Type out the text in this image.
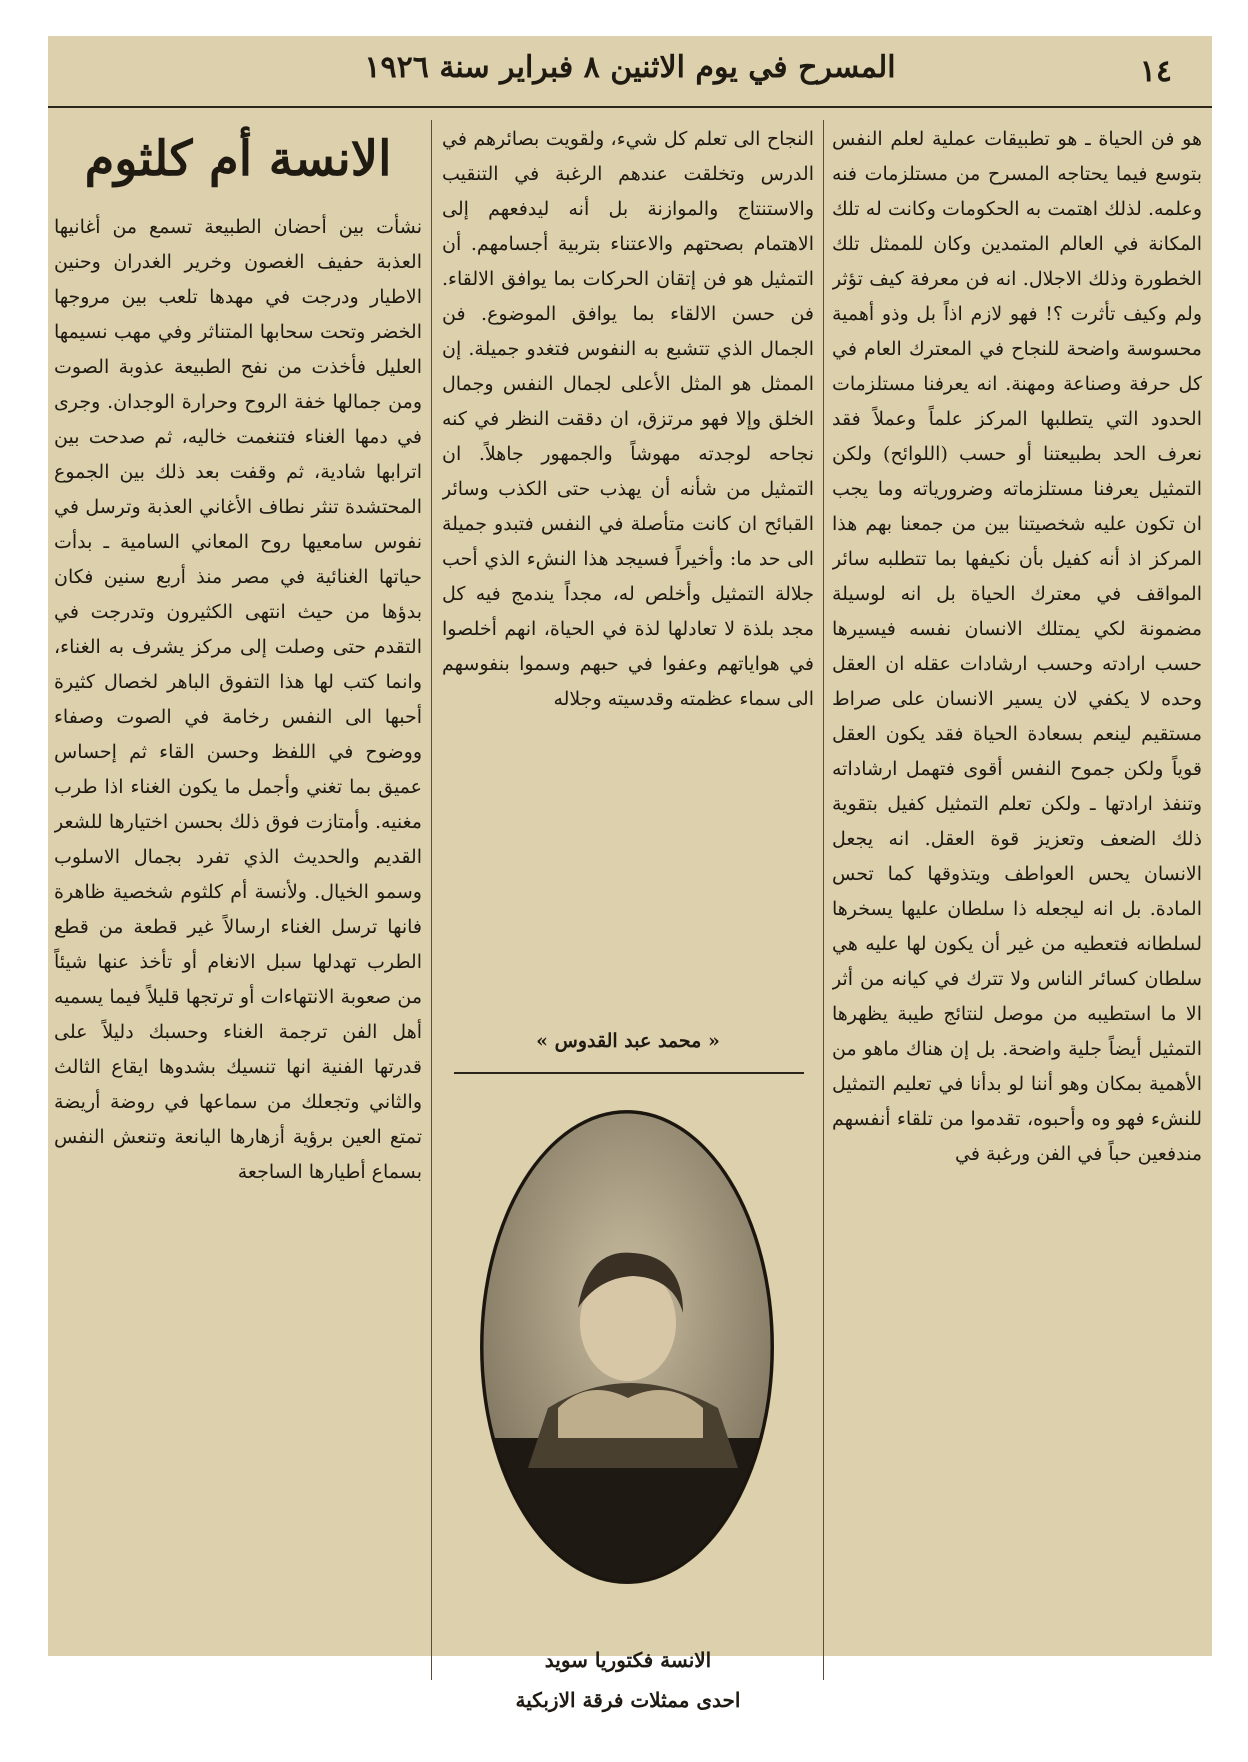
١٤
المسرح في يوم الاثنين ٨ فبراير سنة ١٩٢٦

هو فن الحياة ـ هو تطبيقات عملية لعلم النفس بتوسع فيما يحتاجه المسرح من مستلزمات فنه وعلمه. لذلك اهتمت به الحكومات وكانت له تلك المكانة في العالم المتمدين وكان للممثل تلك الخطورة وذلك الاجلال. انه فن معرفة كيف تؤثر ولم وكيف تأثرت ؟! فهو لازم اذاً بل وذو أهمية محسوسة واضحة للنجاح في المعترك العام في كل حرفة وصناعة ومهنة. انه يعرفنا مستلزمات الحدود التي يتطلبها المركز علماً وعملاً فقد نعرف الحد بطبيعتنا أو حسب (اللوائح) ولكن التمثيل يعرفنا مستلزماته وضرورياته وما يجب ان تكون عليه شخصيتنا بين من جمعنا بهم هذا المركز اذ أنه كفيل بأن نكيفها بما تتطلبه سائر المواقف في معترك الحياة بل انه لوسيلة مضمونة لكي يمتلك الانسان نفسه فيسيرها حسب ارادته وحسب ارشادات عقله ان العقل وحده لا يكفي لان يسير الانسان على صراط مستقيم لينعم بسعادة الحياة فقد يكون العقل قوياً ولكن جموح النفس أقوى فتهمل ارشاداته وتنفذ ارادتها ـ ولكن تعلم التمثيل كفيل بتقوية ذلك الضعف وتعزيز قوة العقل. انه يجعل الانسان يحس العواطف ويتذوقها كما تحس المادة. بل انه ليجعله ذا سلطان عليها يسخرها لسلطانه فتعطيه من غير أن يكون لها عليه هي سلطان كسائر الناس ولا تترك في كيانه من أثر الا ما استطيبه من موصل لنتائج طيبة يظهرها التمثيل أيضاً جلية واضحة. بل إن هناك ماهو من الأهمية بمكان وهو أننا لو بدأنا في تعليم التمثيل للنشء فهو وه وأحبوه، تقدموا من تلقاء أنفسهم مندفعين حباً في الفن ورغبة في

النجاح الى تعلم كل شيء، ولقويت بصائرهم في الدرس وتخلقت عندهم الرغبة في التنقيب والاستنتاج والموازنة بل أنه ليدفعهم إلى الاهتمام بصحتهم والاعتناء بتربية أجسامهم. أن التمثيل هو فن إتقان الحركات بما يوافق الالقاء. فن حسن الالقاء بما يوافق الموضوع. فن الجمال الذي تتشبع به النفوس فتغدو جميلة. إن الممثل هو المثل الأعلى لجمال النفس وجمال الخلق وإلا فهو مرتزق، ان دققت النظر في كنه نجاحه لوجدته مهوشاً والجمهور جاهلاً. ان التمثيل من شأنه أن يهذب حتى الكذب وسائر القبائح ان كانت متأصلة في النفس فتبدو جميلة الى حد ما: وأخيراً فسيجد هذا النشء الذي أحب جلالة التمثيل وأخلص له، مجداً يندمج فيه كل مجد بلذة لا تعادلها لذة في الحياة، انهم أخلصوا في هواياتهم وعفوا في حبهم وسموا بنفوسهم الى سماء عظمته وقدسيته وجلاله

« محمد عبد القدوس »
الانسة فكتوريا سويد
احدى ممثلات فرقة الازبكية
الانسة أم كلثوم

نشأت بين أحضان الطبيعة تسمع من أغانيها العذبة حفيف الغصون وخرير الغدران وحنين الاطيار ودرجت في مهدها تلعب بين مروجها الخضر وتحت سحابها المتناثر وفي مهب نسيمها العليل فأخذت من نفح الطبيعة عذوبة الصوت ومن جمالها خفة الروح وحرارة الوجدان. وجرى في دمها الغناء فتنغمت خاليه، ثم صدحت بين اترابها شادية، ثم وقفت بعد ذلك بين الجموع المحتشدة تنثر نطاف الأغاني العذبة وترسل في نفوس سامعيها روح المعاني السامية ـ بدأت حياتها الغنائية في مصر منذ أربع سنين فكان بدؤها من حيث انتهى الكثيرون وتدرجت في التقدم حتى وصلت إلى مركز يشرف به الغناء، وانما كتب لها هذا التفوق الباهر لخصال كثيرة أحبها الى النفس رخامة في الصوت وصفاء ووضوح في اللفظ وحسن القاء ثم إحساس عميق بما تغني وأجمل ما يكون الغناء اذا طرب مغنيه. وأمتازت فوق ذلك بحسن اختيارها للشعر القديم والحديث الذي تفرد بجمال الاسلوب وسمو الخيال. ولأنسة أم كلثوم شخصية ظاهرة فانها ترسل الغناء ارسالاً غير قطعة من قطع الطرب تهدلها سبل الانغام أو تأخذ عنها شيئاً من صعوبة الانتهاءات أو ترتجها قليلاً فيما يسميه أهل الفن ترجمة الغناء وحسبك دليلاً على قدرتها الفنية انها تنسيك بشدوها ايقاع الثالث والثاني وتجعلك من سماعها في روضة أريضة تمتع العين برؤية أزهارها اليانعة وتنعش النفس بسماع أطيارها الساجعة
